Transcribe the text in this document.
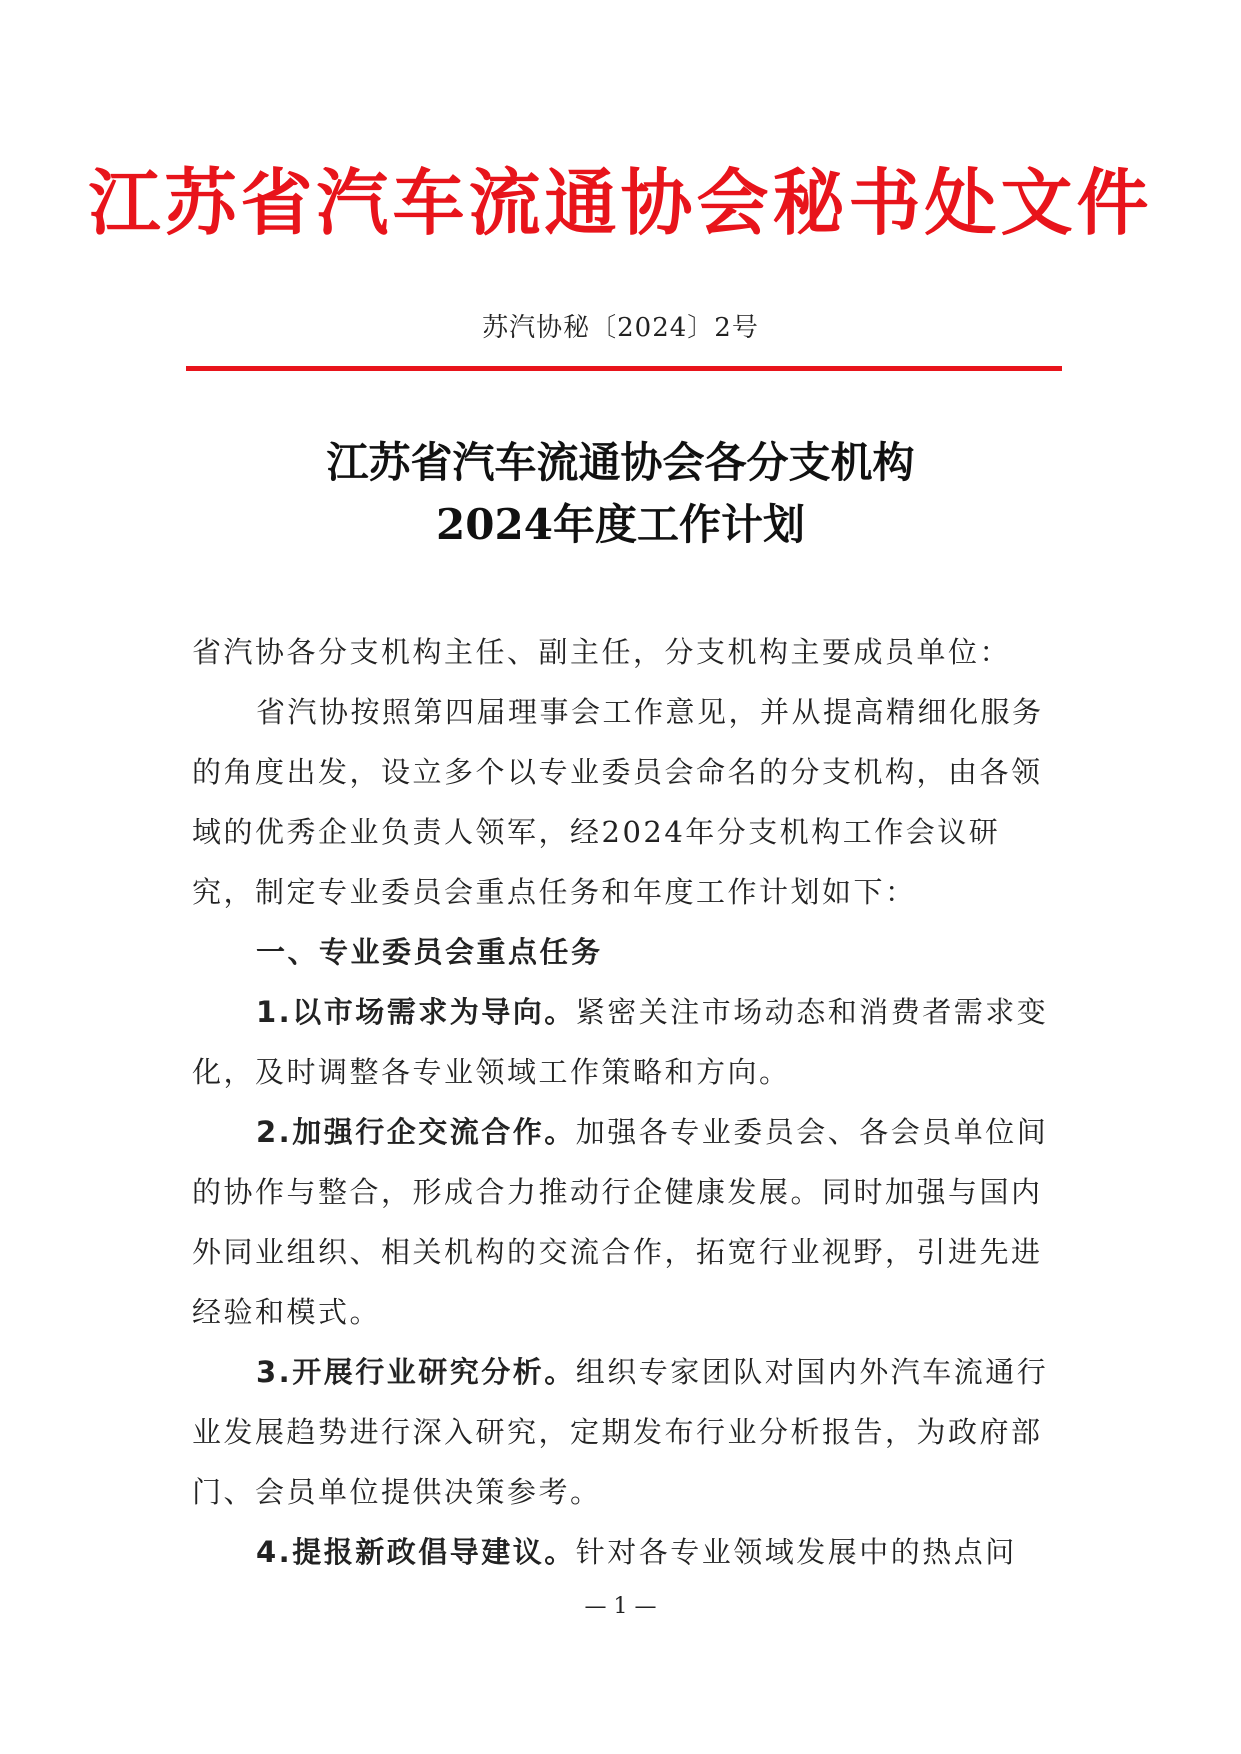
江苏省汽车流通协会秘书处文件
苏汽协秘〔2024〕2号
江苏省汽车流通协会各分支机构
2024年度工作计划

省汽协各分支机构主任、副主任，分支机构主要成员单位：

省汽协按照第四届理事会工作意见，并从提高精细化服务的角度出发，设立多个以专业委员会命名的分支机构，由各领域的优秀企业负责人领军，经2024年分支机构工作会议研究，制定专业委员会重点任务和年度工作计划如下：

一、专业委员会重点任务

1.以市场需求为导向。紧密关注市场动态和消费者需求变化，及时调整各专业领域工作策略和方向。

2.加强行企交流合作。加强各专业委员会、各会员单位间的协作与整合，形成合力推动行企健康发展。同时加强与国内外同业组织、相关机构的交流合作，拓宽行业视野，引进先进经验和模式。

3.开展行业研究分析。组织专家团队对国内外汽车流通行业发展趋势进行深入研究，定期发布行业分析报告，为政府部门、会员单位提供决策参考。

4.提报新政倡导建议。针对各专业领域发展中的热点问

— 1 —
